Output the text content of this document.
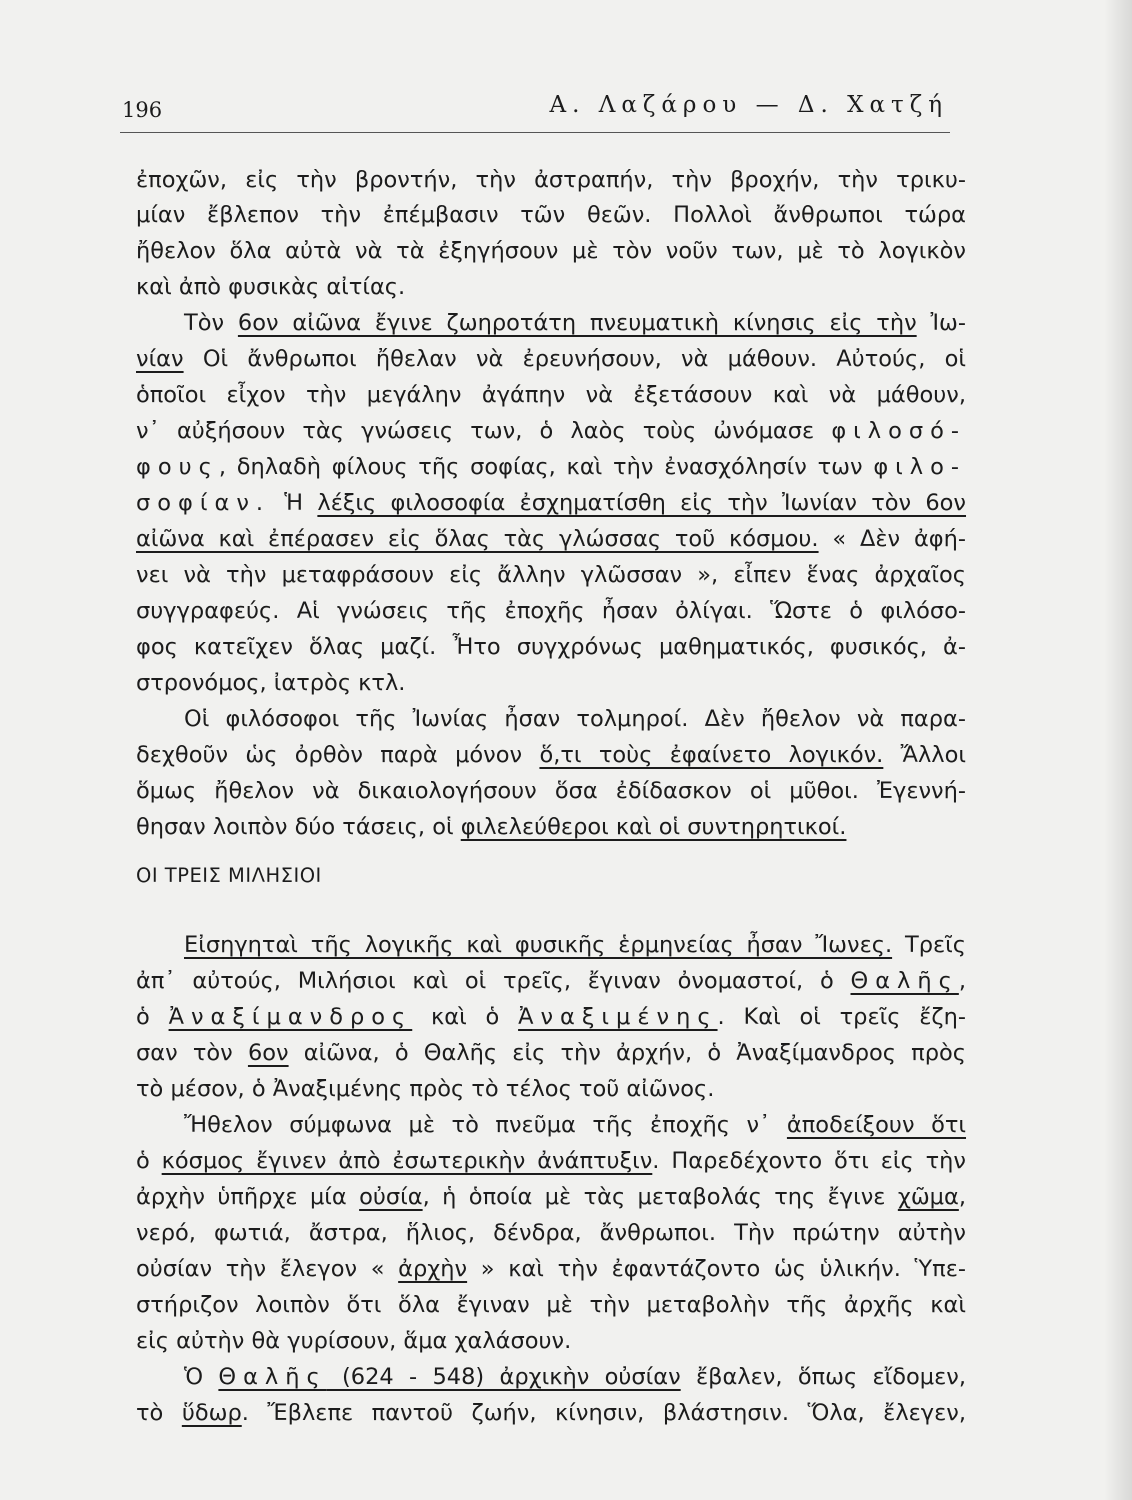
196	Α. Λαζάρου — Δ. Χατζή
ἐποχῶν, εἰς τὴν βροντήν, τὴν ἀστραπήν, τὴν βροχήν, τὴν τρικυ-
μίαν ἔβλεπον τὴν ἐπέμβασιν τῶν θεῶν. Πολλοὶ ἄνθρωποι τώρα
ἤθελον ὅλα αὐτὰ νὰ τὰ ἐξηγήσουν μὲ τὸν νοῦν των, μὲ τὸ λογικὸν
καὶ ἀπὸ φυσικὰς αἰτίας.
Τὸν 6ον αἰῶνα ἔγινε ζωηροτάτη πνευματικὴ κίνησις εἰς τὴν Ἰω-
νίαν Οἱ ἄνθρωποι ἤθελαν νὰ ἐρευνήσουν, νὰ μάθουν. Αὐτούς, οἱ
ὁποῖοι εἶχον τὴν μεγάλην ἀγάπην νὰ ἐξετάσουν καὶ νὰ μάθουν,
ν᾿ αὐξήσουν τὰς γνώσεις των, ὁ λαὸς τοὺς ὠνόμασε φιλοσό-
φους, δηλαδὴ φίλους τῆς σοφίας, καὶ τὴν ἐνασχόλησίν των φιλο-
σοφίαν. Ἡ λέξις φιλοσοφία ἐσχηματίσθη εἰς τὴν Ἰωνίαν τὸν 6ον
αἰῶνα καὶ ἐπέρασεν εἰς ὅλας τὰς γλώσσας τοῦ κόσμου. « Δὲν ἀφή-
νει νὰ τὴν μεταφράσουν εἰς ἄλλην γλῶσσαν », εἶπεν ἕνας ἀρχαῖος
συγγραφεύς. Αἱ γνώσεις τῆς ἐποχῆς ἦσαν ὀλίγαι. Ὥστε ὁ φιλόσο-
φος κατεῖχεν ὅλας μαζί. Ἦτο συγχρόνως μαθηματικός, φυσικός, ἀ-
στρονόμος, ἰατρὸς κτλ.
Οἱ φιλόσοφοι τῆς Ἰωνίας ἦσαν τολμηροί. Δὲν ἤθελον νὰ παρα-
δεχθοῦν ὡς ὀρθὸν παρὰ μόνον ὅ,τι τοὺς ἐφαίνετο λογικόν. Ἄλλοι
ὅμως ἤθελον νὰ δικαιολογήσουν ὅσα ἐδίδασκον οἱ μῦθοι. Ἐγεννή-
θησαν λοιπὸν δύο τάσεις, οἱ φιλελεύθεροι καὶ οἱ συντηρητικοί.
ΟΙ ΤΡΕΙΣ ΜΙΛΗΣΙΟΙ
Εἰσηγηταὶ τῆς λογικῆς καὶ φυσικῆς ἑρμηνείας ἦσαν Ἴωνες. Τρεῖς
ἀπ᾿ αὐτούς, Μιλήσιοι καὶ οἱ τρεῖς, ἔγιναν ὀνομαστοί, ὁ Θαλῆς,
ὁ Ἀναξίμανδρος καὶ ὁ Ἀναξιμένης. Καὶ οἱ τρεῖς ἔζη-
σαν τὸν 6ον αἰῶνα, ὁ Θαλῆς εἰς τὴν ἀρχήν, ὁ Ἀναξίμανδρος πρὸς
τὸ μέσον, ὁ Ἀναξιμένης πρὸς τὸ τέλος τοῦ αἰῶνος.
Ἤθελον σύμφωνα μὲ τὸ πνεῦμα τῆς ἐποχῆς ν᾿ ἀποδείξουν ὅτι
ὁ κόσμος ἔγινεν ἀπὸ ἐσωτερικὴν ἀνάπτυξιν. Παρεδέχοντο ὅτι εἰς τὴν
ἀρχὴν ὑπῆρχε μία οὐσία, ἡ ὁποία μὲ τὰς μεταβολάς της ἔγινε χῶμα,
νερό, φωτιά, ἄστρα, ἥλιος, δένδρα, ἄνθρωποι. Τὴν πρώτην αὐτὴν
οὐσίαν τὴν ἔλεγον « ἀρχὴν » καὶ τὴν ἐφαντάζοντο ὡς ὑλικήν. Ὑπε-
στήριζον λοιπὸν ὅτι ὅλα ἔγιναν μὲ τὴν μεταβολὴν τῆς ἀρχῆς καὶ
εἰς αὐτὴν θὰ γυρίσουν, ἅμα χαλάσουν.
Ὁ Θαλῆς (624 - 548) ἀρχικὴν οὐσίαν ἔβαλεν, ὅπως εἴδομεν,
τὸ ὕδωρ. Ἔβλεπε παντοῦ ζωήν, κίνησιν, βλάστησιν. Ὅλα, ἔλεγεν,
